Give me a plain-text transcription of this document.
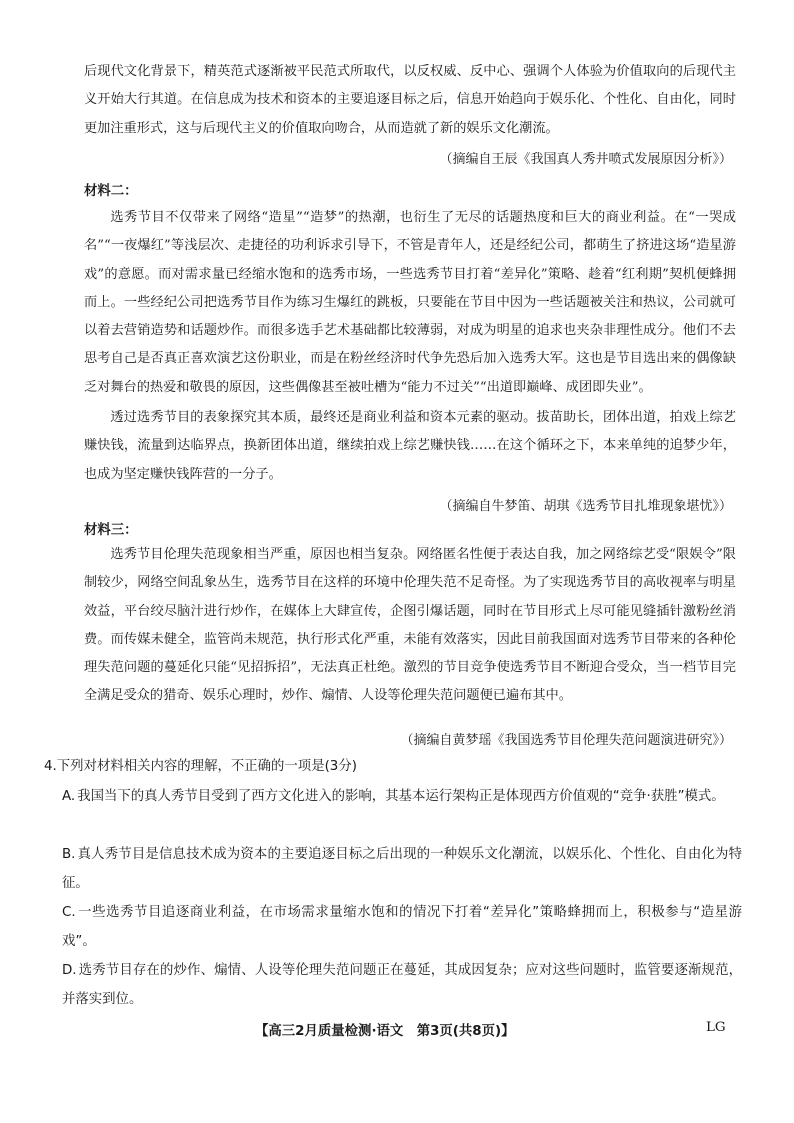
后现代文化背景下，精英范式逐渐被平民范式所取代，以反权威、反中心、强调个人体验为价值取向的后现代主义开始大行其道。在信息成为技术和资本的主要追逐目标之后，信息开始趋向于娱乐化、个性化、自由化，同时更加注重形式，这与后现代主义的价值取向吻合，从而造就了新的娱乐文化潮流。

（摘编自王辰《我国真人秀井喷式发展原因分析》）

材料二：

选秀节目不仅带来了网络“造星”“造梦”的热潮，也衍生了无尽的话题热度和巨大的商业利益。在“一哭成名”“一夜爆红”等浅层次、走捷径的功利诉求引导下，不管是青年人，还是经纪公司，都萌生了挤进这场“造星游戏”的意愿。而对需求量已经缩水饱和的选秀市场，一些选秀节目打着“差异化”策略、趁着“红利期”契机便蜂拥而上。一些经纪公司把选秀节目作为练习生爆红的跳板，只要能在节目中因为一些话题被关注和热议，公司就可以着去营销造势和话题炒作。而很多选手艺术基础都比较薄弱，对成为明星的追求也夹杂非理性成分。他们不去思考自己是否真正喜欢演艺这份职业，而是在粉丝经济时代争先恐后加入选秀大军。这也是节目选出来的偶像缺乏对舞台的热爱和敬畏的原因，这些偶像甚至被吐槽为“能力不过关”“出道即巅峰、成团即失业”。

透过选秀节目的表象探究其本质，最终还是商业利益和资本元素的驱动。拔苗助长，团体出道，拍戏上综艺赚快钱，流量到达临界点，换新团体出道，继续拍戏上综艺赚快钱……在这个循环之下，本来单纯的追梦少年，也成为坚定赚快钱阵营的一分子。

（摘编自牛梦笛、胡琪《选秀节目扎堆现象堪忧》）

材料三：

选秀节目伦理失范现象相当严重，原因也相当复杂。网络匿名性便于表达自我，加之网络综艺受“限娱令”限制较少，网络空间乱象丛生，选秀节目在这样的环境中伦理失范不足奇怪。为了实现选秀节目的高收视率与明星效益，平台绞尽脑汁进行炒作，在媒体上大肆宣传，企图引爆话题，同时在节目形式上尽可能见缝插针激粉丝消费。而传媒未健全，监管尚未规范，执行形式化严重，未能有效落实，因此目前我国面对选秀节目带来的各种伦理失范问题的蔓延化只能“见招拆招”，无法真正杜绝。激烈的节目竞争使选秀节目不断迎合受众，当一档节目完全满足受众的猎奇、娱乐心理时，炒作、煽情、人设等伦理失范问题便已遍布其中。

（摘编自黄梦瑶《我国选秀节目伦理失范问题演进研究》）

4.下列对材料相关内容的理解，不正确的一项是(3分)

A. 我国当下的真人秀节目受到了西方文化进入的影响，其基本运行架构正是体现西方价值观的“竞争·获胜”模式。

B. 真人秀节目是信息技术成为资本的主要追逐目标之后出现的一种娱乐文化潮流，以娱乐化、个性化、自由化为特征。

C. 一些选秀节目追逐商业利益，在市场需求量缩水饱和的情况下打着“差异化”策略蜂拥而上，积极参与“造星游戏”。

D. 选秀节目存在的炒作、煽情、人设等伦理失范问题正在蔓延，其成因复杂；应对这些问题时，监管要逐渐规范，并落实到位。

【高三2月质量检测·语文　第3页(共8页)】	LG
